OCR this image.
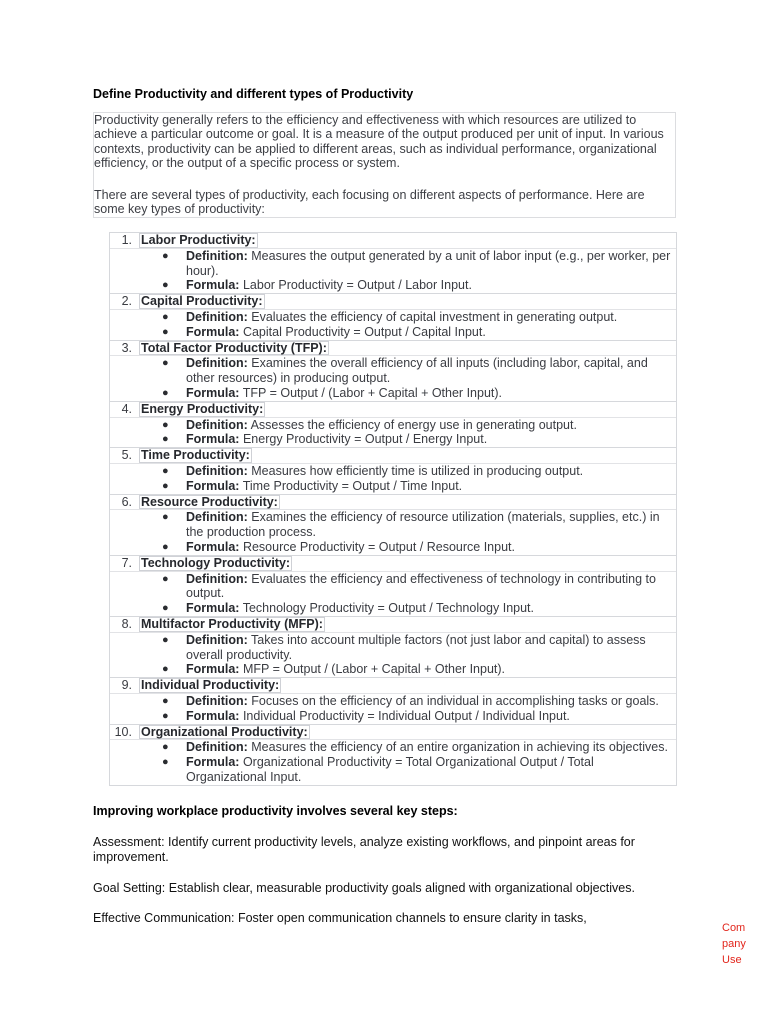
Define Productivity and different types of Productivity

Productivity generally refers to the efficiency and effectiveness with which resources are utilized to achieve a particular outcome or goal. It is a measure of the output produced per unit of input. In various contexts, productivity can be applied to different areas, such as individual performance, organizational efficiency, or the output of a specific process or system.

There are several types of productivity, each focusing on different aspects of performance. Here are some key types of productivity:

1. Labor Productivity:
● Definition: Measures the output generated by a unit of labor input (e.g., per worker, per hour).
● Formula: Labor Productivity = Output / Labor Input.
2. Capital Productivity:
● Definition: Evaluates the efficiency of capital investment in generating output.
● Formula: Capital Productivity = Output / Capital Input.
3. Total Factor Productivity (TFP):
● Definition: Examines the overall efficiency of all inputs (including labor, capital, and other resources) in producing output.
● Formula: TFP = Output / (Labor + Capital + Other Input).
4. Energy Productivity:
● Definition: Assesses the efficiency of energy use in generating output.
● Formula: Energy Productivity = Output / Energy Input.
5. Time Productivity:
● Definition: Measures how efficiently time is utilized in producing output.
● Formula: Time Productivity = Output / Time Input.
6. Resource Productivity:
● Definition: Examines the efficiency of resource utilization (materials, supplies, etc.) in the production process.
● Formula: Resource Productivity = Output / Resource Input.
7. Technology Productivity:
● Definition: Evaluates the efficiency and effectiveness of technology in contributing to output.
● Formula: Technology Productivity = Output / Technology Input.
8. Multifactor Productivity (MFP):
● Definition: Takes into account multiple factors (not just labor and capital) to assess overall productivity.
● Formula: MFP = Output / (Labor + Capital + Other Input).
9. Individual Productivity:
● Definition: Focuses on the efficiency of an individual in accomplishing tasks or goals.
● Formula: Individual Productivity = Individual Output / Individual Input.
10. Organizational Productivity:
● Definition: Measures the efficiency of an entire organization in achieving its objectives.
● Formula: Organizational Productivity = Total Organizational Output / Total Organizational Input.
Improving workplace productivity involves several key steps:
Assessment: Identify current productivity levels, analyze existing workflows, and pinpoint areas for improvement.
Goal Setting: Establish clear, measurable productivity goals aligned with organizational objectives.
Effective Communication: Foster open communication channels to ensure clarity in tasks,
Company Use
